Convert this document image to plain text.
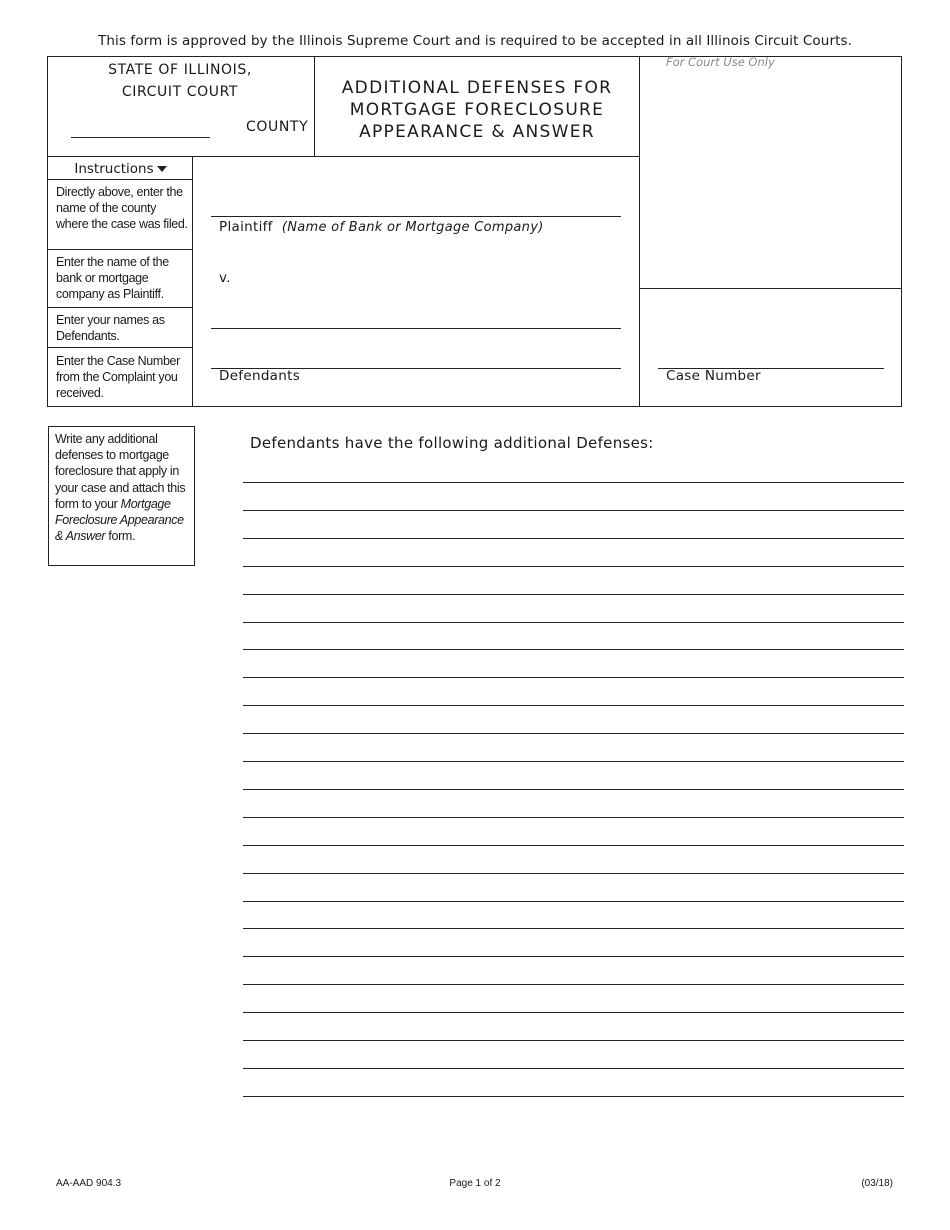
This form is approved by the Illinois Supreme Court and is required to be accepted in all Illinois Circuit Courts.
STATE OF ILLINOIS,
CIRCUIT COURT
COUNTY
ADDITIONAL DEFENSES FOR
MORTGAGE FORECLOSURE
APPEARANCE & ANSWER
For Court Use Only
Instructions
Directly above, enter the name of the county where the case was filed.
Enter the name of the bank or mortgage company as Plaintiff.
Enter your names as Defendants.
Enter the Case Number from the Complaint you received.
Plaintiff (Name of Bank or Mortgage Company)
v.
Defendants	Case Number
Write any additional defenses to mortgage foreclosure that apply in your case and attach this form to your Mortgage Foreclosure Appearance & Answer form.
Defendants have the following additional Defenses:
AA-AAD 904.3	Page 1 of 2	(03/18)
